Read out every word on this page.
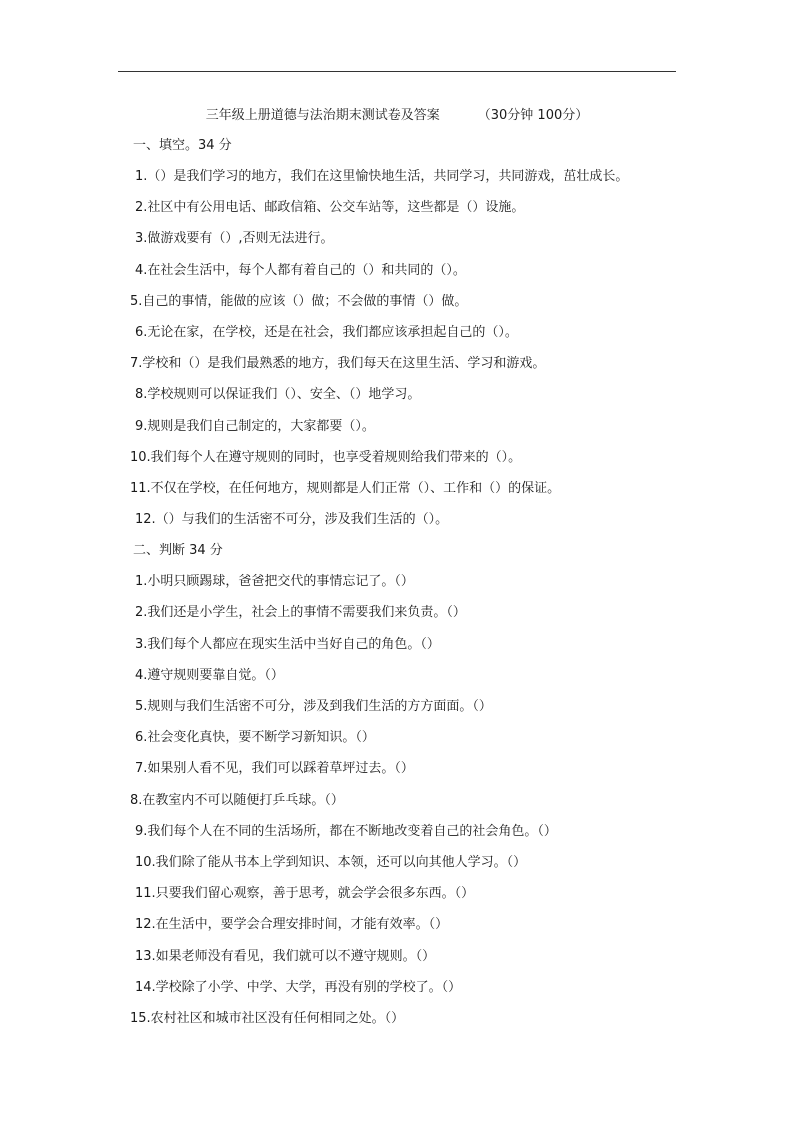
三年级上册道德与法治期末测试卷及答案	（30分钟 100分）
一、填空。34 分
1.（）是我们学习的地方，我们在这里愉快地生活，共同学习，共同游戏，茁壮成长。
2.社区中有公用电话、邮政信箱、公交车站等，这些都是（）设施。
3.做游戏要有（）,否则无法进行。
4.在社会生活中，每个人都有着自己的（）和共同的（）。
5.自己的事情，能做的应该（）做；不会做的事情（）做。
6.无论在家，在学校，还是在社会，我们都应该承担起自己的（）。
7.学校和（）是我们最熟悉的地方，我们每天在这里生活、学习和游戏。
8.学校规则可以保证我们（）、安全、（）地学习。
9.规则是我们自己制定的，大家都要（）。
10.我们每个人在遵守规则的同时，也享受着规则给我们带来的（）。
11.不仅在学校，在任何地方，规则都是人们正常（）、工作和（）的保证。
12.（）与我们的生活密不可分，涉及我们生活的（）。
二、判断 34 分
1.小明只顾踢球，爸爸把交代的事情忘记了。（）
2.我们还是小学生，社会上的事情不需要我们来负责。（）
3.我们每个人都应在现实生活中当好自己的角色。（）
4.遵守规则要靠自觉。（）
5.规则与我们生活密不可分，涉及到我们生活的方方面面。（）
6.社会变化真快，要不断学习新知识。（）
7.如果别人看不见，我们可以踩着草坪过去。（）
8.在教室内不可以随便打乒乓球。（）
9.我们每个人在不同的生活场所，都在不断地改变着自己的社会角色。（）
10.我们除了能从书本上学到知识、本领，还可以向其他人学习。（）
11.只要我们留心观察，善于思考，就会学会很多东西。（）
12.在生活中，要学会合理安排时间，才能有效率。（）
13.如果老师没有看见，我们就可以不遵守规则。（）
14.学校除了小学、中学、大学，再没有别的学校了。（）
15.农村社区和城市社区没有任何相同之处。（）
